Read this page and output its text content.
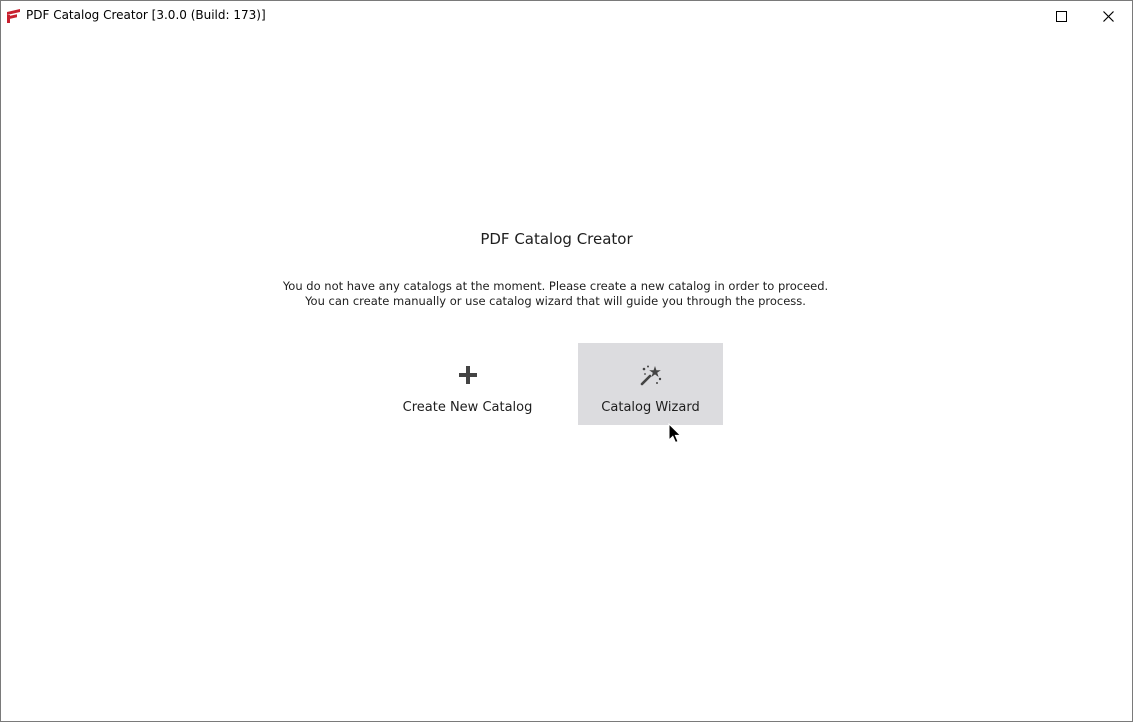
PDF Catalog Creator [3.0.0 (Build: 173)]
PDF Catalog Creator
You do not have any catalogs at the moment. Please create a new catalog in order to proceed.
You can create manually or use catalog wizard that will guide you through the process.
Create New Catalog	Catalog Wizard
